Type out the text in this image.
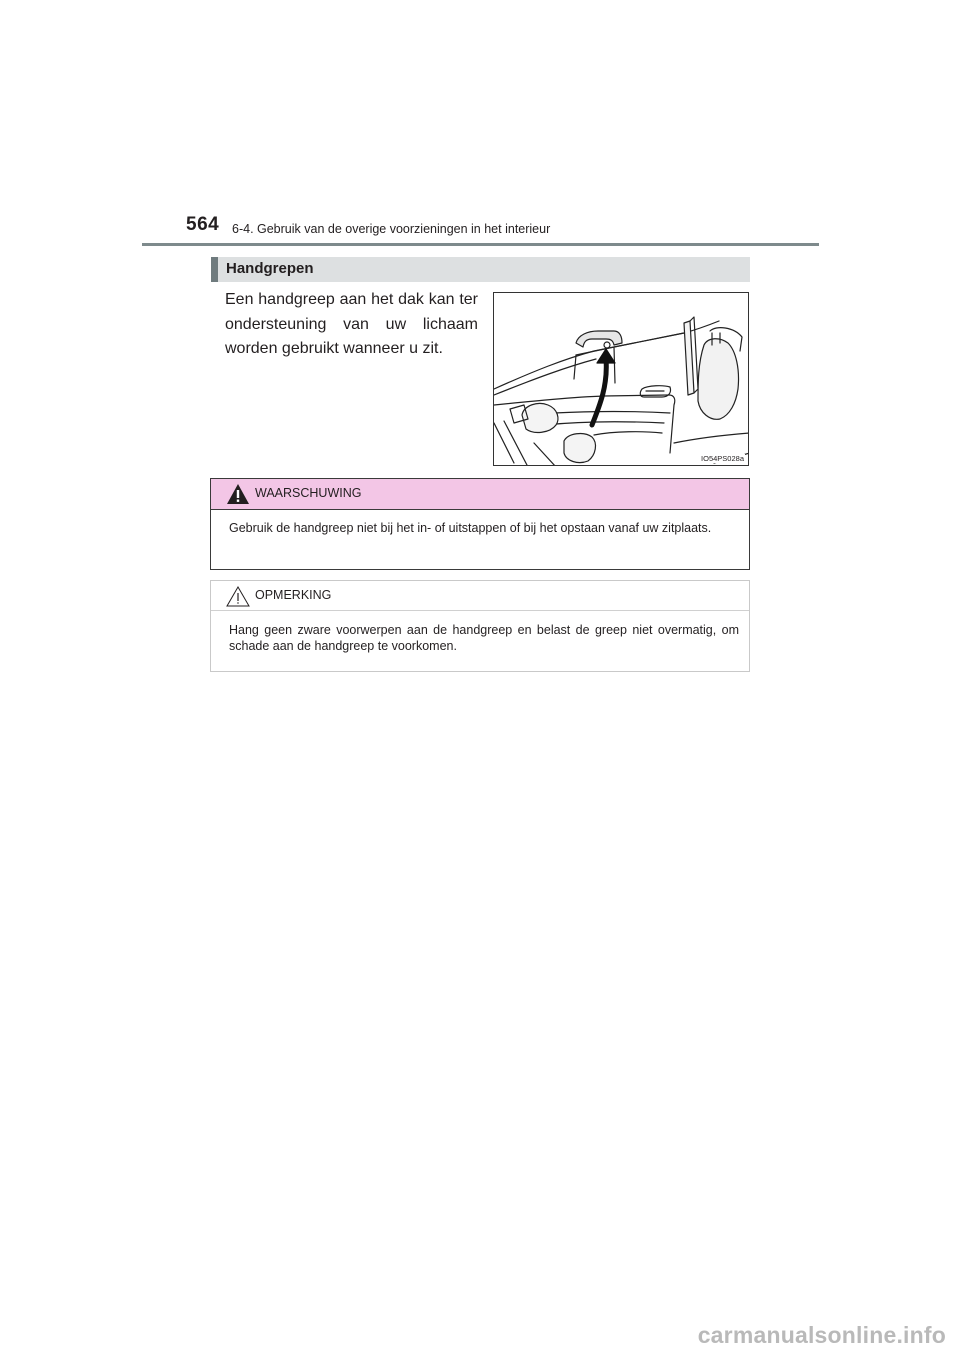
564 6-4. Gebruik van de overige voorzieningen in het interieur
Handgrepen
Een handgreep aan het dak kan ter ondersteuning van uw lichaam worden gebruikt wanneer u zit.
IO54PS028a
WAARSCHUWING
Gebruik de handgreep niet bij het in- of uitstappen of bij het opstaan vanaf uw zitplaats.
OPMERKING
Hang geen zware voorwerpen aan de handgreep en belast de greep niet overmatig, om schade aan de handgreep te voorkomen.
carmanualsonline.info
